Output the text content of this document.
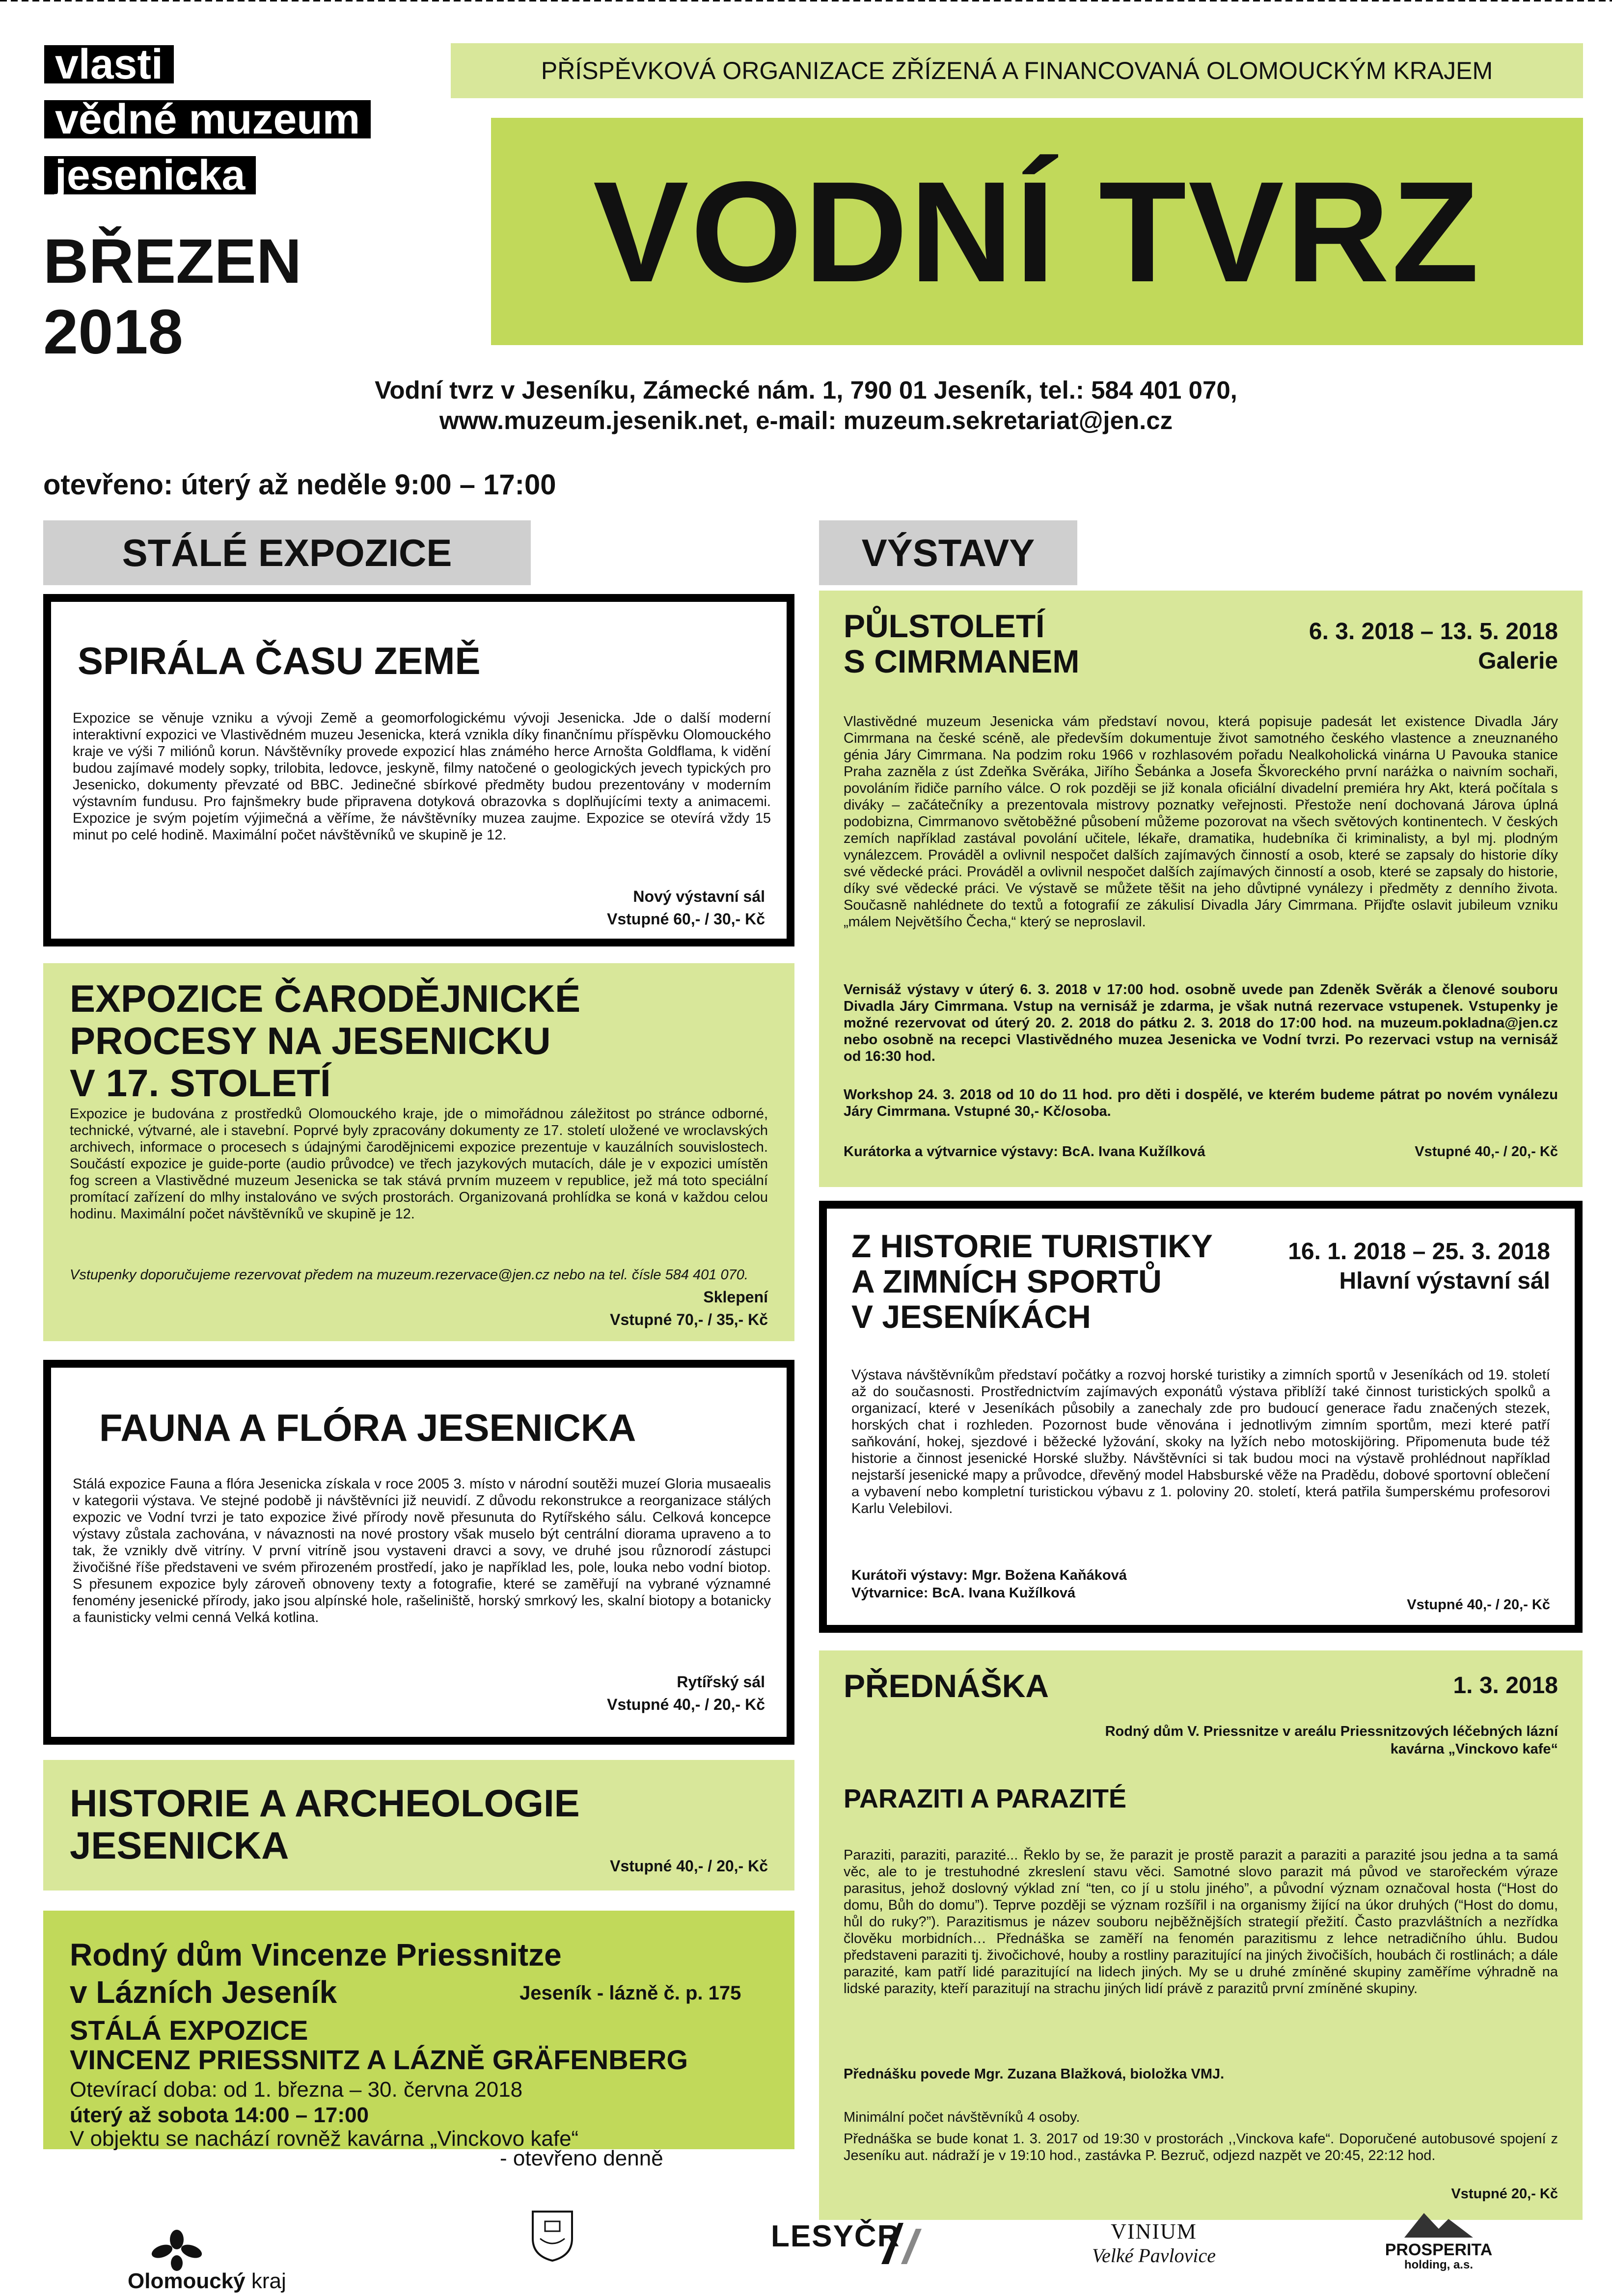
vlasti
vědné muzeum
jesenicka
BŘEZEN
2018
PŘÍSPĚVKOVÁ ORGANIZACE ZŘÍZENÁ A FINANCOVANÁ OLOMOUCKÝM KRAJEM
VODNÍ TVRZ
Vodní tvrz v Jeseníku, Zámecké nám. 1, 790 01 Jeseník, tel.: 584 401 070,
www.muzeum.jesenik.net, e-mail: muzeum.sekretariat@jen.cz
otevřeno: úterý až neděle 9:00 – 17:00
STÁLÉ EXPOZICE
SPIRÁLA ČASU ZEMĚ
Expozice se věnuje vzniku a vývoji Země a geomorfologickému vývoji Jesenicka. Jde o další moderní interaktivní expozici ve Vlastivědném muzeu Jesenicka, která vznikla díky finančnímu příspěvku Olomouckého kraje ve výši 7 miliónů korun. Návštěvníky provede expozicí hlas známého herce Arnošta Goldflama, k vidění budou zajímavé modely sopky, trilobita, ledovce, jeskyně, filmy natočené o geologických jevech typických pro Jesenicko, dokumenty převzaté od BBC. Jedinečné sbírkové předměty budou prezentovány v moderním výstavním fundusu. Pro fajnšmekry bude připravena dotyková obrazovka s doplňujícími texty a animacemi. Expozice je svým pojetím výjimečná a věříme, že návštěvníky muzea zaujme. Expozice se otevírá vždy 15 minut po celé hodině. Maximální počet návštěvníků ve skupině je 12.
Nový výstavní sál
Vstupné 60,- / 30,- Kč
EXPOZICE ČARODĚJNICKÉ
PROCESY NA JESENICKU
V 17. STOLETÍ
Expozice je budována z prostředků Olomouckého kraje, jde o mimořádnou záležitost po stránce odborné, technické, výtvarné, ale i stavební. Poprvé byly zpracovány dokumenty ze 17. století uložené ve wroclavských archivech, informace o procesech s údajnými čarodějnicemi expozice prezentuje v kauzálních souvislostech. Součástí expozice je guide-porte (audio průvodce) ve třech jazykových mutacích, dále je v expozici umístěn fog screen a Vlastivědné muzeum Jesenicka se tak stává prvním muzeem v republice, jež má toto speciální promítací zařízení do mlhy instalováno ve svých prostorách. Organizovaná prohlídka se koná v každou celou hodinu. Maximální počet návštěvníků ve skupině je 12.
Vstupenky doporučujeme rezervovat předem na muzeum.rezervace@jen.cz nebo na tel. čísle 584 401 070.
Sklepení
Vstupné 70,- / 35,- Kč
FAUNA A FLÓRA JESENICKA
Stálá expozice Fauna a flóra Jesenicka získala v roce 2005 3. místo v národní soutěži muzeí Gloria musaealis v kategorii výstava. Ve stejné podobě ji návštěvníci již neuvidí. Z důvodu rekonstrukce a reorganizace stálých expozic ve Vodní tvrzi je tato expozice živé přírody nově přesunuta do Rytířského sálu. Celková koncepce výstavy zůstala zachována, v návaznosti na nové prostory však muselo být centrální diorama upraveno a to tak, že vznikly dvě vitríny. V první vitríně jsou vystaveni dravci a sovy, ve druhé jsou různorodí zástupci živočišné říše představeni ve svém přirozeném prostředí, jako je například les, pole, louka nebo vodní biotop. S přesunem expozice byly zároveň obnoveny texty a fotografie, které se zaměřují na vybrané významné fenomény jesenické přírody, jako jsou alpínské hole, rašeliniště, horský smrkový les, skalní biotopy a botanicky a faunisticky velmi cenná Velká kotlina.
Rytířský sál
Vstupné 40,- / 20,- Kč
HISTORIE A ARCHEOLOGIE
JESENICKA	Vstupné 40,- / 20,- Kč
Rodný dům Vincenze Priessnitze
v Lázních Jeseník	Jeseník - lázně č. p. 175
STÁLÁ EXPOZICE
VINCENZ PRIESSNITZ A LÁZNĚ GRÄFENBERG
Otevírací doba: od 1. března – 30. června 2018
úterý až sobota 14:00 – 17:00
V objektu se nachází rovněž kavárna „Vinckovo kafe“
- otevřeno denně
VÝSTAVY
PŮLSTOLETÍ
S CIMRMANEM
6. 3. 2018 – 13. 5. 2018
Galerie
Vlastivědné muzeum Jesenicka vám představí novou, která popisuje padesát let existence Divadla Járy Cimrmana na české scéně, ale především dokumentuje život samotného českého vlastence a zneuznaného génia Járy Cimrmana. Na podzim roku 1966 v rozhlasovém pořadu Nealkoholická vinárna U Pavouka stanice Praha zazněla z úst Zdeňka Svěráka, Jiřího Šebánka a Josefa Škvoreckého první naráżka o naivním sochaři, povoláním řidiče parního válce. O rok později se již konala oficiální divadelní premiéra hry Akt, která počítala s diváky – začátečníky a prezentovala mistrovy poznatky veřejnosti. Přestože není dochovaná Járova úplná podobizna, Cimrmanovo světoběžné působení můžeme pozorovat na všech světových kontinentech. V českých zemích například zastával povolání učitele, lékaře, dramatika, hudebníka či kriminalisty, a byl mj. plodným vynálezcem. Prováděl a ovlivnil nespočet dalších zajímavých činností a osob, které se zapsaly do historie díky své vědecké práci. Prováděl a ovlivnil nespočet dalších zajímavých činností a osob, které se zapsaly do historie, díky své vědecké práci. Ve výstavě se můžete těšit na jeho důvtipné vynálezy i předměty z denního života. Současně nahlédnete do textů a fotografií ze zákulisí Divadla Járy Cimrmana. Přijďte oslavit jubileum vzniku „málem Největšího Čecha,“ který se neproslavil.
Vernisáž výstavy v úterý 6. 3. 2018 v 17:00 hod. osobně uvede pan Zdeněk Svěrák a členové souboru Divadla Járy Cimrmana. Vstup na vernisáž je zdarma, je však nutná rezervace vstupenek. Vstupenky je možné rezervovat od úterý 20. 2. 2018 do pátku 2. 3. 2018 do 17:00 hod. na muzeum.pokladna@jen.cz nebo osobně na recepci Vlastivědného muzea Jesenicka ve Vodní tvrzi. Po rezervaci vstup na vernisáž od 16:30 hod.
Workshop 24. 3. 2018 od 10 do 11 hod. pro děti i dospělé, ve kterém budeme pátrat po novém vynálezu Járy Cimrmana. Vstupné 30,- Kč/osoba.
Kurátorka a výtvarnice výstavy: BcA. Ivana Kužílková	Vstupné 40,- / 20,- Kč
Z HISTORIE TURISTIKY
A ZIMNÍCH SPORTŮ
V JESENÍKÁCH
16. 1. 2018 – 25. 3. 2018
Hlavní výstavní sál
Výstava návštěvníkům představí počátky a rozvoj horské turistiky a zimních sportů v Jeseníkách od 19. století až do současnosti. Prostřednictvím zajímavých exponátů výstava přiblíží také činnost turistických spolků a organizací, které v Jeseníkách působily a zanechaly zde pro budoucí generace řadu značených stezek, horských chat i rozhleden. Pozornost bude věnována i jednotlivým zimním sportům, mezi které patří saňkování, hokej, sjezdové i běžecké lyžování, skoky na lyžích nebo motoskijöring. Připomenuta bude též historie a činnost jesenické Horské služby. Návštěvníci si tak budou moci na výstavě prohlédnout například nejstarší jesenické mapy a průvodce, dřevěný model Habsburské věže na Pradědu, dobové sportovní oblečení a vybavení nebo kompletní turistickou výbavu z 1. poloviny 20. století, která patřila šumperskému profesorovi Karlu Velebilovi.
Kurátoři výstavy: Mgr. Božena Kaňáková
Výtvarnice: BcA. Ivana Kužílková
Vstupné 40,- / 20,- Kč
PŘEDNÁŠKA	1. 3. 2018
Rodný dům V. Priessnitze v areálu Priessnitzových léčebných lázní
kavárna „Vinckovo kafe“
PARAZITI A PARAZITÉ
Paraziti, paraziti, parazité... Řeklo by se, že parazit je prostě parazit a paraziti a parazité jsou jedna a ta samá věc, ale to je trestuhodné zkreslení stavu věci. Samotné slovo parazit má původ ve starořeckém výraze parasitus, jehož doslovný výklad zní “ten, co jí u stolu jiného”, a původní význam označoval hosta (“Host do domu, Bůh do domu”). Teprve později se význam rozšířil i na organismy žijící na úkor druhých (“Host do domu, hůl do ruky?”). Parazitismus je název souboru nejběžnějších strategií přežití. Často prazvláštních a nezřídka člověku morbidních… Přednáška se zaměří na fenomén parazitismu z lehce netradičního úhlu. Budou představeni paraziti tj. živočichové, houby a rostliny parazitující na jiných živočiších, houbách či rostlinách; a dále parazité, kam patří lidé parazitující na lidech jiných. My se u druhé zmíněné skupiny zaměříme výhradně na lidské parazity, kteří parazitují na strachu jiných lidí právě z parazitů první zmíněné skupiny.
Přednášku povede Mgr. Zuzana Blažková, bioložka VMJ.
Minimální počet návštěvníků 4 osoby.
Přednáška se bude konat 1. 3. 2017 od 19:30 v prostorách ,,Vinckova kafe“. Doporučené autobusové spojení z Jeseníku aut. nádraží je v 19:10 hod., zastávka P. Bezruč, odjezd nazpět ve 20:45, 22:12 hod.
Vstupné 20,- Kč
Olomoucký kraj
LESYČR	VINIUM
Velké Pavlovice	PROSPERITA
holding, a.s.
